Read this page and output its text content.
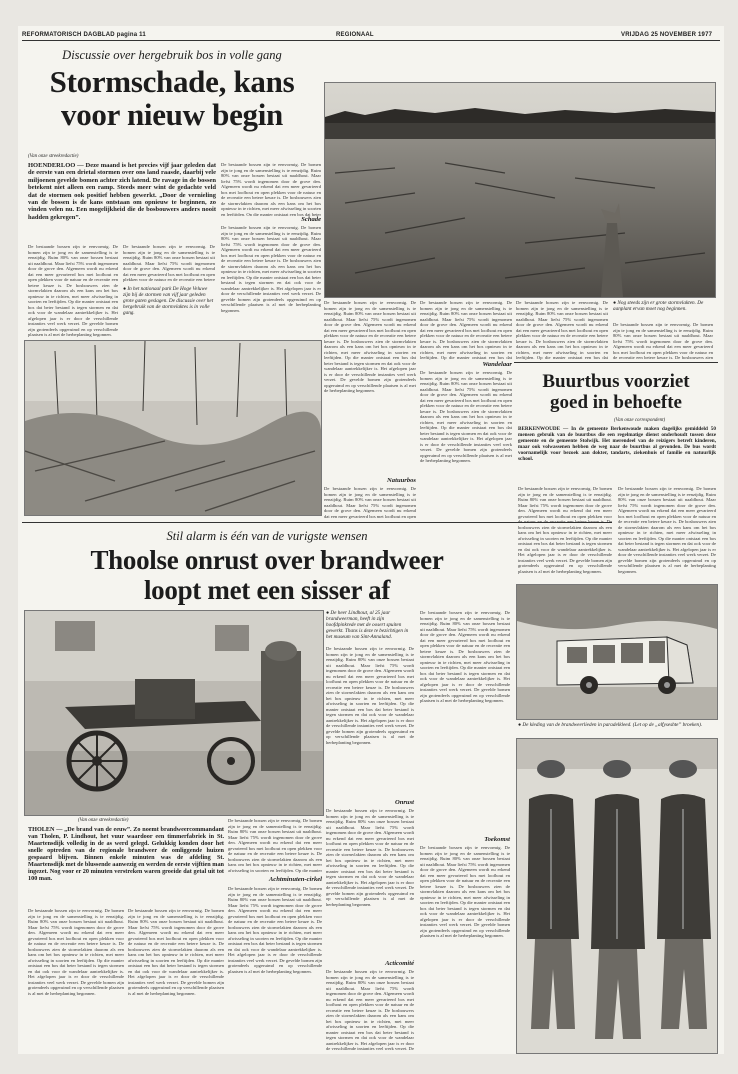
REFORMATORISCH DAGBLAD pagina 11	REGIONAAL	VRIJDAG 25 NOVEMBER 1977
Discussie over hergebruik bos in volle gang
Stormschade, kans
voor nieuw begin
(Van onze streekredactie)
HOENDERLOO — Deze maand is het precies vijf jaar geleden dat de eerste van een drietal stormen over ons land raasde, daarbij vele miljoenen gevelde bomen achter zich latend. De ravage in de bossen betekent niet alleen een ramp. Steeds meer wint de gedachte veld dat de stormen ook positief hebben gewerkt. „Door de vernieling van de bossen is de kans ontstaan om opnieuw te beginnen, zo vinden velen nu. Een mogelijkheid die de bosbouwers anders nooit hadden gekregen”.
De bestaande bossen zijn te eenvormig. De bomen zijn te jong en de samenstelling is te eenzijdig. Ruim 80% van onze bossen bestaat uit naaldhout. Maar liefst 75% wordt ingenomen door de grove den. Algemeen wordt nu erkend dat een meer gevarieerd bos met loofhout en open plekken voor de natuur en de recreatie een betere keuze is. De bosbouwers zien de stormvlakten daarom als een kans om het bos opnieuw in te richten, met meer afwisseling in soorten en leeftijden. Op die manier ontstaat een bos dat beter bestand is tegen stormen en dat ook voor de wandelaar aantrekkelijker is. Het afgelopen jaar is er door de verschillende instanties veel werk verzet. De gevelde bomen zijn grotendeels opgeruimd en op verschillende plaatsen is al met de herbeplanting begonnen.
De bestaande bossen zijn te eenvormig. De bomen zijn te jong en de samenstelling is te eenzijdig. Ruim 80% van onze bossen bestaat uit naaldhout. Maar liefst 75% wordt ingenomen door de grove den. Algemeen wordt nu erkend dat een meer gevarieerd bos met loofhout en open plekken voor de natuur en de recreatie een betere
● In het nationaal park De Hoge Veluwe zijn bij de stormen van vijf jaar geleden grote gaten geslagen. De discussie over het hergebruik van de stormvlaktes is in volle gang.
De bestaande bossen zijn te eenvormig. De bomen zijn te jong en de samenstelling is te eenzijdig. Ruim 80% van onze bossen bestaat uit naaldhout. Maar liefst 75% wordt ingenomen door de grove den. Algemeen wordt nu erkend dat een meer gevarieerd bos met loofhout en open plekken voor de natuur en de recreatie een betere keuze is. De bosbouwers zien de stormvlakten daarom als een kans om het bos opnieuw in te richten, met meer afwisseling in soorten en leeftijden. Op die manier ontstaat een bos dat beter
Schade
De bestaande bossen zijn te eenvormig. De bomen zijn te jong en de samenstelling is te eenzijdig. Ruim 80% van onze bossen bestaat uit naaldhout. Maar liefst 75% wordt ingenomen door de grove den. Algemeen wordt nu erkend dat een meer gevarieerd bos met loofhout en open plekken voor de natuur en de recreatie een betere keuze is. De bosbouwers zien de stormvlakten daarom als een kans om het bos opnieuw in te richten, met meer afwisseling in soorten en leeftijden. Op die manier ontstaat een bos dat beter bestand is tegen stormen en dat ook voor de wandelaar aantrekkelijker is. Het afgelopen jaar is er door de verschillende instanties veel werk verzet. De gevelde bomen zijn grotendeels opgeruimd en op verschillende plaatsen is al met de herbeplanting begonnen.
De bestaande bossen zijn te eenvormig. De bomen zijn te jong en de samenstelling is te eenzijdig. Ruim 80% van onze bossen bestaat uit naaldhout. Maar liefst 75% wordt ingenomen door de grove den. Algemeen wordt nu erkend dat een meer gevarieerd bos met loofhout en open plekken voor de natuur en de recreatie een betere keuze is. De bosbouwers zien de stormvlakten daarom als een kans om het bos opnieuw in te richten, met meer afwisseling in soorten en leeftijden. Op die manier ontstaat een bos dat beter bestand is tegen stormen en dat ook voor de wandelaar aantrekkelijker is. Het afgelopen jaar is er door de verschillende instanties veel werk verzet. De gevelde bomen zijn grotendeels opgeruimd en op verschillende plaatsen is al met de herbeplanting begonnen.
Natuurbos
De bestaande bossen zijn te eenvormig. De bomen zijn te jong en de samenstelling is te eenzijdig. Ruim 80% van onze bossen bestaat uit naaldhout. Maar liefst 75% wordt ingenomen door de grove den. Algemeen wordt nu erkend dat een meer gevarieerd bos met loofhout en open
De bestaande bossen zijn te eenvormig. De bomen zijn te jong en de samenstelling is te eenzijdig. Ruim 80% van onze bossen bestaat uit naaldhout. Maar liefst 75% wordt ingenomen door de grove den. Algemeen wordt nu erkend dat een meer gevarieerd bos met loofhout en open plekken voor de natuur en de recreatie een betere keuze is. De bosbouwers zien de stormvlakten daarom als een kans om het bos opnieuw in te richten, met meer afwisseling in soorten en leeftijden. Op die manier ontstaat een bos dat
Wandelaar
De bestaande bossen zijn te eenvormig. De bomen zijn te jong en de samenstelling is te eenzijdig. Ruim 80% van onze bossen bestaat uit naaldhout. Maar liefst 75% wordt ingenomen door de grove den. Algemeen wordt nu erkend dat een meer gevarieerd bos met loofhout en open plekken voor de natuur en de recreatie een betere keuze is. De bosbouwers zien de stormvlakten daarom als een kans om het bos opnieuw in te richten, met meer afwisseling in soorten en leeftijden. Op die manier ontstaat een bos dat beter bestand is tegen stormen en dat ook voor de wandelaar aantrekkelijker is. Het afgelopen jaar is er door de verschillende instanties veel werk verzet. De gevelde bomen zijn grotendeels opgeruimd en op verschillende plaatsen is al met de herbeplanting begonnen.
De bestaande bossen zijn te eenvormig. De bomen zijn te jong en de samenstelling is te eenzijdig. Ruim 80% van onze bossen bestaat uit naaldhout. Maar liefst 75% wordt ingenomen door de grove den. Algemeen wordt nu erkend dat een meer gevarieerd bos met loofhout en open plekken voor de natuur en de recreatie een betere keuze is. De bosbouwers zien de stormvlakten daarom als een kans om het bos opnieuw in te richten, met meer afwisseling in soorten en leeftijden. Op die manier ontstaat een bos dat
● Nog steeds zijn er grote stormvlakten. De aanplant ervan moet nog beginnen.
De bestaande bossen zijn te eenvormig. De bomen zijn te jong en de samenstelling is te eenzijdig. Ruim 80% van onze bossen bestaat uit naaldhout. Maar liefst 75% wordt ingenomen door de grove den. Algemeen wordt nu erkend dat een meer gevarieerd bos met loofhout en open plekken voor de natuur en de recreatie een betere keuze is. De bosbouwers zien
Buurtbus voorziet
goed in behoefte
(Van onze correspondent)
BERKENWOUDE — In de gemeente Berkenwoude maken dagelijks gemiddeld 50 mensen gebruik van de buurtbus die een regelmatige dienst onderhoudt tussen deze gemeente en de gemeente Stolwijk. Het merendeel van de reizigers betreft kinderen, maar ook volwassenen hebben de weg naar de buurtbus al gevonden. De bus wordt voornamelijk voor bezoek aan dokter, tandarts, ziekenhuis of familie en natuurlijk school.
De bestaande bossen zijn te eenvormig. De bomen zijn te jong en de samenstelling is te eenzijdig. Ruim 80% van onze bossen bestaat uit naaldhout. Maar liefst 75% wordt ingenomen door de grove den. Algemeen wordt nu erkend dat een meer gevarieerd bos met loofhout en open plekken voor de natuur en de recreatie een betere keuze is. De bosbouwers zien de stormvlakten daarom als een kans om het bos opnieuw in te richten, met meer afwisseling in soorten en leeftijden. Op die manier ontstaat een bos dat beter bestand is tegen stormen en dat ook voor de wandelaar aantrekkelijker is. Het afgelopen jaar is er door de verschillende instanties veel werk verzet. De gevelde bomen zijn grotendeels opgeruimd en op verschillende plaatsen is al met de herbeplanting begonnen.
De bestaande bossen zijn te eenvormig. De bomen zijn te jong en de samenstelling is te eenzijdig. Ruim 80% van onze bossen bestaat uit naaldhout. Maar liefst 75% wordt ingenomen door de grove den. Algemeen wordt nu erkend dat een meer gevarieerd bos met loofhout en open plekken voor de natuur en de recreatie een betere keuze is. De bosbouwers zien de stormvlakten daarom als een kans om het bos opnieuw in te richten, met meer afwisseling in soorten en leeftijden. Op die manier ontstaat een bos dat beter bestand is tegen stormen en dat ook voor de wandelaar aantrekkelijker is. Het afgelopen jaar is er door de verschillende instanties veel werk verzet. De gevelde bomen zijn grotendeels opgeruimd en op verschillende plaatsen is al met de herbeplanting begonnen.
● De kleding van de brandweerlieden in paradelkleed. (Let op de „alfyseshte” broeken).
Stil alarm is één van de vurigste wensen
Thoolse onrust over brandweer
loopt met een sisser af
● De heer Lindhout, al 25 jaar brandweerman, heeft in zijn hoofdpinkrede met de oosert spuiten gewerkt. Thans is deze te bezichtigen in het museum van Sint-Annaland.
De bestaande bossen zijn te eenvormig. De bomen zijn te jong en de samenstelling is te eenzijdig. Ruim 80% van onze bossen bestaat uit naaldhout. Maar liefst 75% wordt ingenomen door de grove den. Algemeen wordt nu erkend dat een meer gevarieerd bos met loofhout en open plekken voor de natuur en de recreatie een betere keuze is. De bosbouwers zien de stormvlakten daarom als een kans om het bos opnieuw in te richten, met meer afwisseling in soorten en leeftijden. Op die manier ontstaat een bos dat beter bestand is tegen stormen en dat ook voor de wandelaar aantrekkelijker is. Het afgelopen jaar is er door de verschillende instanties veel werk verzet. De gevelde bomen zijn grotendeels opgeruimd en op verschillende plaatsen is al met de herbeplanting begonnen.
Onrust
De bestaande bossen zijn te eenvormig. De bomen zijn te jong en de samenstelling is te eenzijdig. Ruim 80% van onze bossen bestaat uit naaldhout. Maar liefst 75% wordt ingenomen door de grove den. Algemeen wordt nu erkend dat een meer gevarieerd bos met loofhout en open plekken voor de natuur en de recreatie een betere keuze is. De bosbouwers zien de stormvlakten daarom als een kans om het bos opnieuw in te richten, met meer afwisseling in soorten en leeftijden. Op die manier ontstaat een bos dat beter bestand is tegen stormen en dat ook voor de wandelaar aantrekkelijker is. Het afgelopen jaar is er door de verschillende instanties veel werk verzet. De gevelde bomen zijn grotendeels opgeruimd en op verschillende plaatsen is al met de herbeplanting begonnen.
Acticomité
De bestaande bossen zijn te eenvormig. De bomen zijn te jong en de samenstelling is te eenzijdig. Ruim 80% van onze bossen bestaat uit naaldhout. Maar liefst 75% wordt ingenomen door de grove den. Algemeen wordt nu erkend dat een meer gevarieerd bos met loofhout en open plekken voor de natuur en de recreatie een betere keuze is. De bosbouwers zien de stormvlakten daarom als een kans om het bos opnieuw in te richten, met meer afwisseling in soorten en leeftijden. Op die manier ontstaat een bos dat beter bestand is tegen stormen en dat ook voor de wandelaar aantrekkelijker is. Het afgelopen jaar is er door de verschillende instanties veel werk verzet. De
De bestaande bossen zijn te eenvormig. De bomen zijn te jong en de samenstelling is te eenzijdig. Ruim 80% van onze bossen bestaat uit naaldhout. Maar liefst 75% wordt ingenomen door de grove den. Algemeen wordt nu erkend dat een meer gevarieerd bos met loofhout en open plekken voor de natuur en de recreatie een betere keuze is. De bosbouwers zien de stormvlakten daarom als een kans om het bos opnieuw in te richten, met meer afwisseling in soorten en leeftijden. Op die manier ontstaat een bos dat beter bestand is tegen stormen en dat ook voor de wandelaar aantrekkelijker is. Het afgelopen jaar is er door de verschillende instanties veel werk verzet. De gevelde bomen zijn grotendeels opgeruimd en op verschillende plaatsen is al met de herbeplanting begonnen.
Toekomst
De bestaande bossen zijn te eenvormig. De bomen zijn te jong en de samenstelling is te eenzijdig. Ruim 80% van onze bossen bestaat uit naaldhout. Maar liefst 75% wordt ingenomen door de grove den. Algemeen wordt nu erkend dat een meer gevarieerd bos met loofhout en open plekken voor de natuur en de recreatie een betere keuze is. De bosbouwers zien de stormvlakten daarom als een kans om het bos opnieuw in te richten, met meer afwisseling in soorten en leeftijden. Op die manier ontstaat een bos dat beter bestand is tegen stormen en dat ook voor de wandelaar aantrekkelijker is. Het afgelopen jaar is er door de verschillende instanties veel werk verzet. De gevelde bomen zijn grotendeels opgeruimd en op verschillende plaatsen is al met de herbeplanting begonnen.
(Van onze streekredactie)
THOLEN — „De brand van de eeuw”. Zo noemt brandweercommandant van Tholen, P. Lindhout, het vuur waardoor een timmerfabriek in St. Maartensdijk volledig in de as werd gelegd. Gelukkig konden door het snelle optreden van de regionale brandweer de omliggende huizen gespaard blijven. Binnen enkele minuten was de afdeling St. Maartensdijk met de blussende aanwezig en werden de eerste vijftien man ingezet. Nog voor er 20 minuten verstreken waren groeide dat getal uit tot 100 man.
De bestaande bossen zijn te eenvormig. De bomen zijn te jong en de samenstelling is te eenzijdig. Ruim 80% van onze bossen bestaat uit naaldhout. Maar liefst 75% wordt ingenomen door de grove den. Algemeen wordt nu erkend dat een meer gevarieerd bos met loofhout en open plekken voor de natuur en de recreatie een betere keuze is. De bosbouwers zien de stormvlakten daarom als een kans om het bos opnieuw in te richten, met meer afwisseling in soorten en leeftijden. Op die manier ontstaat een bos dat beter bestand is tegen stormen en dat ook voor de wandelaar aantrekkelijker is. Het afgelopen jaar is er door de verschillende instanties veel werk verzet. De gevelde bomen zijn grotendeels opgeruimd en op verschillende plaatsen is al met de herbeplanting begonnen.
De bestaande bossen zijn te eenvormig. De bomen zijn te jong en de samenstelling is te eenzijdig. Ruim 80% van onze bossen bestaat uit naaldhout. Maar liefst 75% wordt ingenomen door de grove den. Algemeen wordt nu erkend dat een meer gevarieerd bos met loofhout en open plekken voor de natuur en de recreatie een betere keuze is. De bosbouwers zien de stormvlakten daarom als een kans om het bos opnieuw in te richten, met meer afwisseling in soorten en leeftijden. Op die manier ontstaat een bos dat beter bestand is tegen stormen en dat ook voor de wandelaar aantrekkelijker is. Het afgelopen jaar is er door de verschillende instanties veel werk verzet. De gevelde bomen zijn grotendeels opgeruimd en op verschillende plaatsen is al met de herbeplanting begonnen.
De bestaande bossen zijn te eenvormig. De bomen zijn te jong en de samenstelling is te eenzijdig. Ruim 80% van onze bossen bestaat uit naaldhout. Maar liefst 75% wordt ingenomen door de grove den. Algemeen wordt nu erkend dat een meer gevarieerd bos met loofhout en open plekken voor de natuur en de recreatie een betere keuze is. De bosbouwers zien de stormvlakten daarom als een kans om het bos opnieuw in te richten, met meer afwisseling in soorten en leeftijden. Op die manier
Achtminuten-cirkel
De bestaande bossen zijn te eenvormig. De bomen zijn te jong en de samenstelling is te eenzijdig. Ruim 80% van onze bossen bestaat uit naaldhout. Maar liefst 75% wordt ingenomen door de grove den. Algemeen wordt nu erkend dat een meer gevarieerd bos met loofhout en open plekken voor de natuur en de recreatie een betere keuze is. De bosbouwers zien de stormvlakten daarom als een kans om het bos opnieuw in te richten, met meer afwisseling in soorten en leeftijden. Op die manier ontstaat een bos dat beter bestand is tegen stormen en dat ook voor de wandelaar aantrekkelijker is. Het afgelopen jaar is er door de verschillende instanties veel werk verzet. De gevelde bomen zijn grotendeels opgeruimd en op verschillende plaatsen is al met de herbeplanting begonnen.
